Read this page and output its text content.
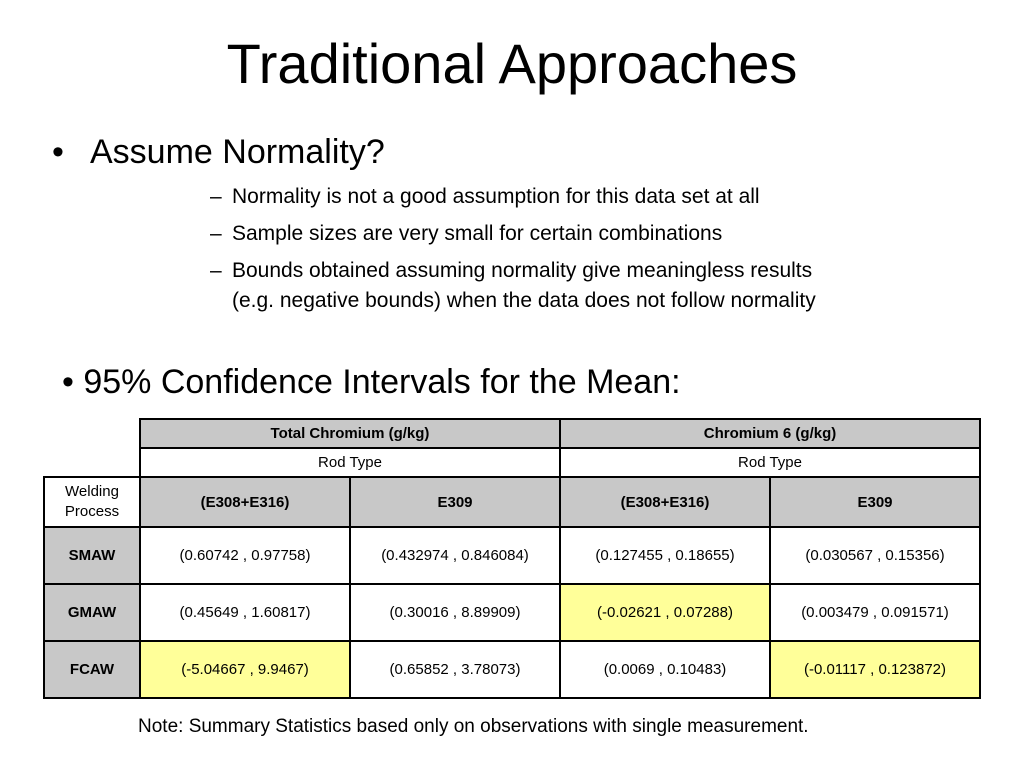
Traditional Approaches
• Assume Normality?
– Normality is not a good assumption for this data set at all
– Sample sizes are very small for certain combinations
– Bounds obtained assuming normality give meaningless results
(e.g. negative bounds) when the data does not follow normality
• 95% Confidence Intervals for the Mean:
	Total Chromium (g/kg)		Chromium 6 (g/kg)	
	Rod Type		Rod Type	
Welding
Process	(E308+E316)	E309	(E308+E316)	E309
SMAW	(0.60742 , 0.97758)	(0.432974 , 0.846084)	(0.127455 , 0.18655)	(0.030567 , 0.15356)
GMAW	(0.45649 , 1.60817)	(0.30016 , 8.89909)	(-0.02621 , 0.07288)	(0.003479 , 0.091571)
FCAW	(-5.04667 , 9.9467)	(0.65852 , 3.78073)	(0.0069 , 0.10483)	(-0.01117 , 0.123872)
Note: Summary Statistics based only on observations with single measurement.
